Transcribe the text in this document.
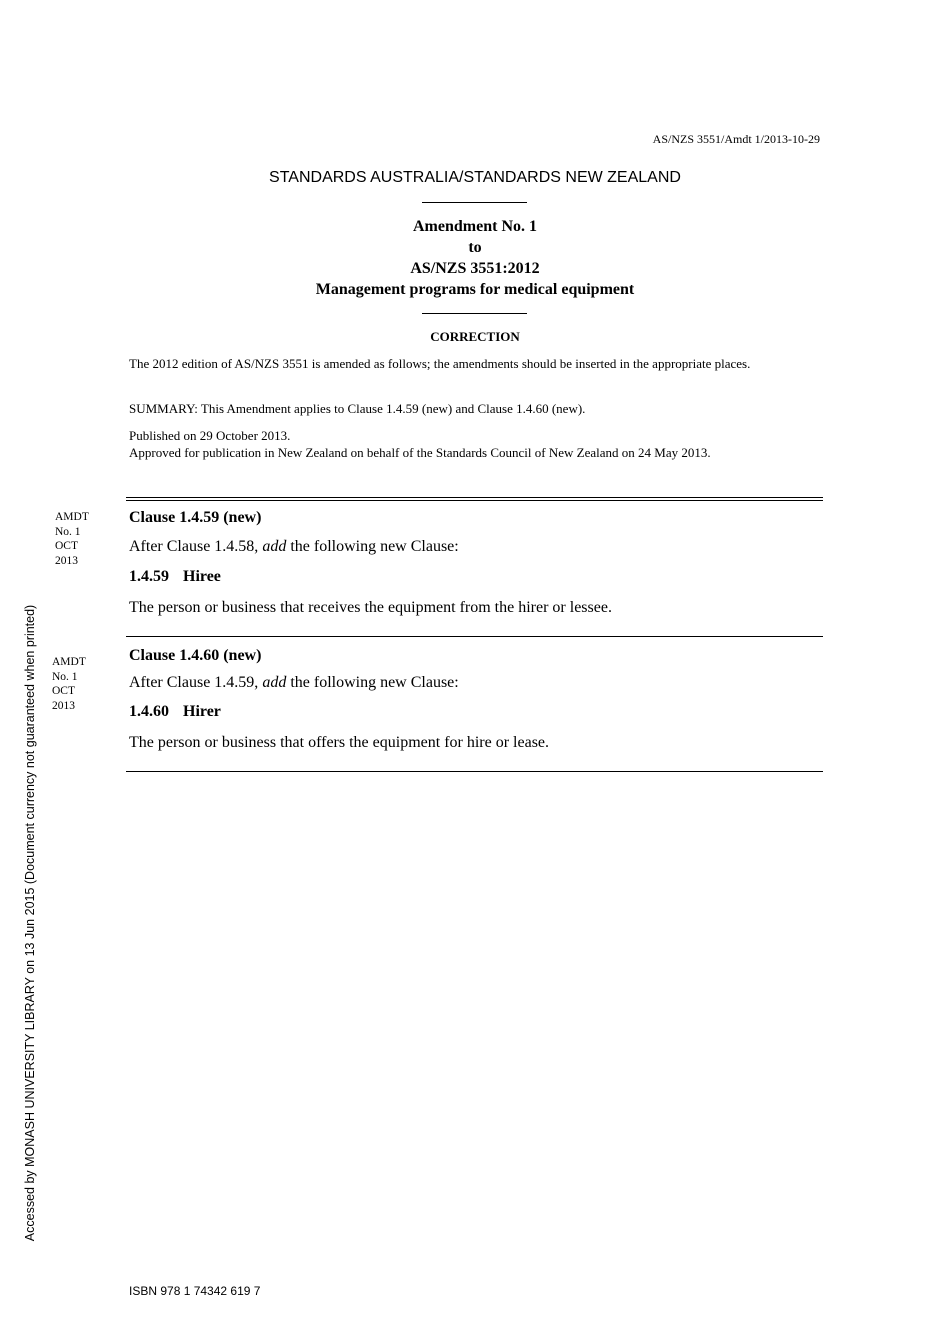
AS/NZS 3551/Amdt 1/2013-10-29
STANDARDS AUSTRALIA/STANDARDS NEW ZEALAND
Amendment No. 1
to
AS/NZS 3551:2012
Management programs for medical equipment
CORRECTION
The 2012 edition of AS/NZS 3551 is amended as follows; the amendments should be inserted in the appropriate places.
SUMMARY: This Amendment applies to Clause 1.4.59 (new) and Clause 1.4.60 (new).
Published on 29 October 2013.
Approved for publication in New Zealand on behalf of the Standards Council of New Zealand on 24 May 2013.
AMDT
No. 1
OCT
2013
Clause 1.4.59 (new)
After Clause 1.4.58, add the following new Clause:
1.4.59 Hiree
The person or business that receives the equipment from the hirer or lessee.
AMDT
No. 1
OCT
2013
Clause 1.4.60 (new)
After Clause 1.4.59, add the following new Clause:
1.4.60 Hirer
The person or business that offers the equipment for hire or lease.
Accessed by MONASH UNIVERSITY LIBRARY on 13 Jun 2015 (Document currency not guaranteed when printed)
ISBN 978 1 74342 619 7
